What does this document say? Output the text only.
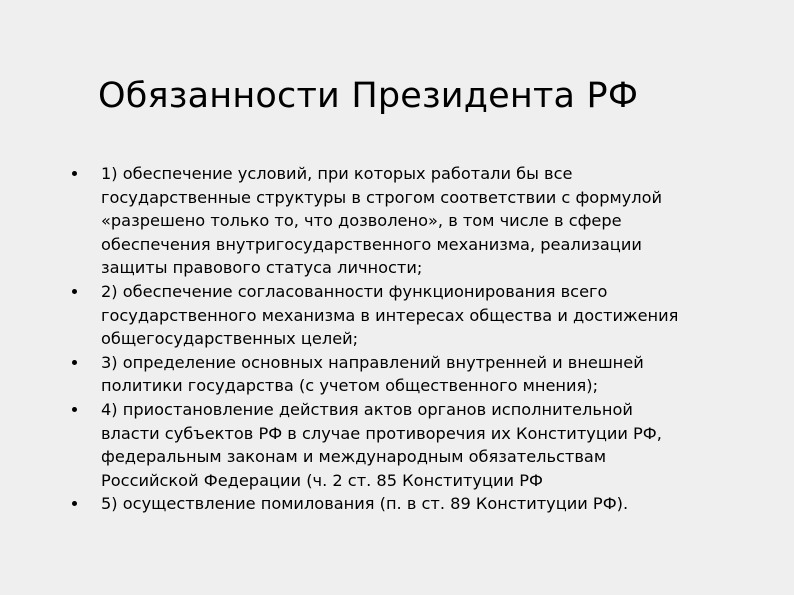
Обязанности Президента РФ
1) обеспечение условий, при которых работали бы все
государственные структуры в строгом соответствии с формулой
«разрешено только то, что дозволено», в том числе в сфере
обеспечения внутригосударственного механизма, реализации
защиты правового статуса личности;
2) обеспечение согласованности функционирования всего
государственного механизма в интересах общества и достижения
общегосударственных целей;
3) определение основных направлений внутренней и внешней
политики государства (с учетом общественного мнения);
4) приостановление действия актов органов исполнительной
власти субъектов РФ в случае противоречия их Конституции РФ,
федеральным законам и международным обязательствам
Российской Федерации (ч. 2 ст. 85 Конституции РФ
5) осуществление помилования (п. в ст. 89 Конституции РФ).
